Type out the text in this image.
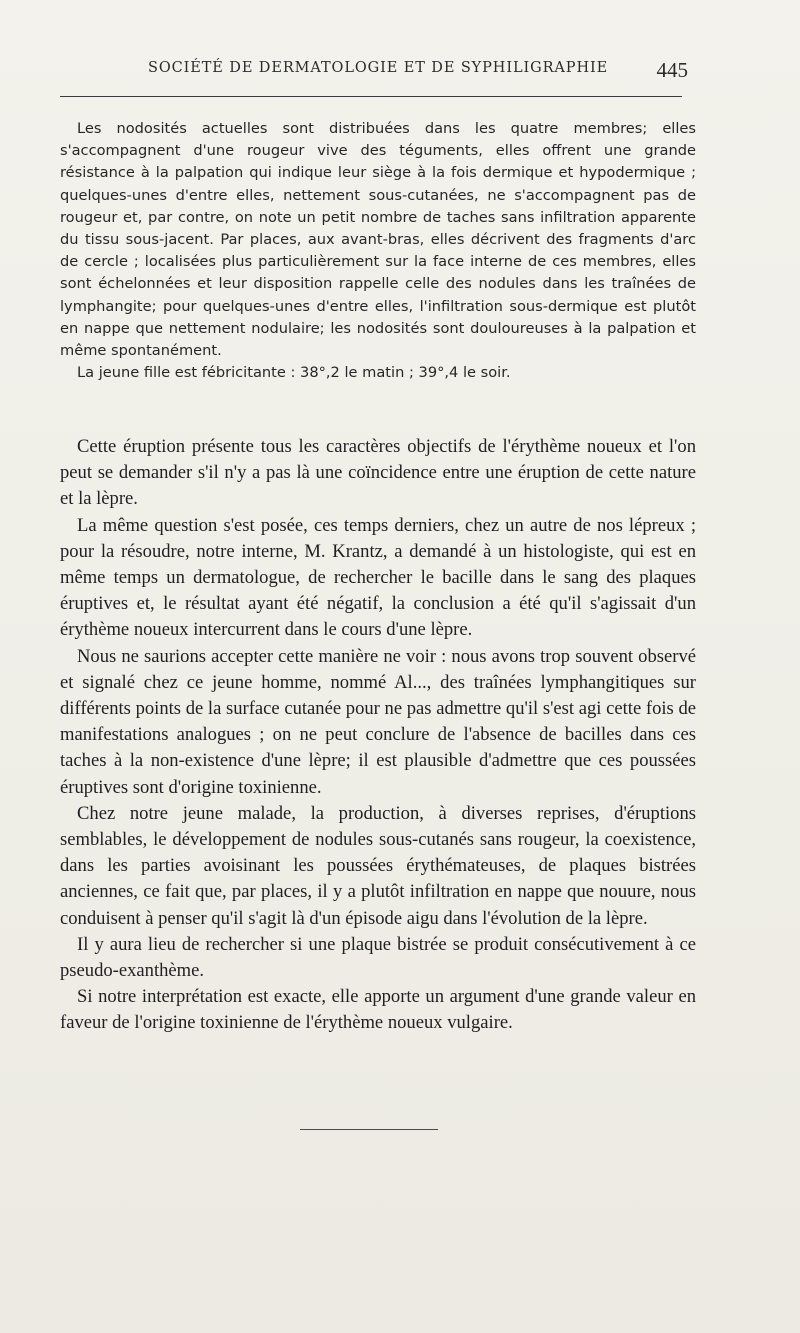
SOCIÉTÉ DE DERMATOLOGIE ET DE SYPHILIGRAPHIE 445

Les nodosités actuelles sont distribuées dans les quatre membres; elles s'accompagnent d'une rougeur vive des téguments, elles offrent une grande résistance à la palpation qui indique leur siège à la fois dermique et hypodermique ; quelques-unes d'entre elles, nettement sous-cutanées, ne s'accompagnent pas de rougeur et, par contre, on note un petit nombre de taches sans infiltration apparente du tissu sous-jacent. Par places, aux avant-bras, elles décrivent des fragments d'arc de cercle ; localisées plus particulièrement sur la face interne de ces membres, elles sont échelonnées et leur disposition rappelle celle des nodules dans les traînées de lymphangite; pour quelques-unes d'entre elles, l'infiltration sous-dermique est plutôt en nappe que nettement nodulaire; les nodosités sont douloureuses à la palpation et même spontanément.

La jeune fille est fébricitante : 38°,2 le matin ; 39°,4 le soir.

Cette éruption présente tous les caractères objectifs de l'érythème noueux et l'on peut se demander s'il n'y a pas là une coïncidence entre une éruption de cette nature et la lèpre.

La même question s'est posée, ces temps derniers, chez un autre de nos lépreux ; pour la résoudre, notre interne, M. Krantz, a demandé à un histologiste, qui est en même temps un dermatologue, de rechercher le bacille dans le sang des plaques éruptives et, le résultat ayant été négatif, la conclusion a été qu'il s'agissait d'un érythème noueux intercurrent dans le cours d'une lèpre.

Nous ne saurions accepter cette manière ne voir : nous avons trop souvent observé et signalé chez ce jeune homme, nommé Al..., des traînées lymphangitiques sur différents points de la surface cutanée pour ne pas admettre qu'il s'est agi cette fois de manifestations analogues ; on ne peut conclure de l'absence de bacilles dans ces taches à la non-existence d'une lèpre; il est plausible d'admettre que ces poussées éruptives sont d'origine toxinienne.

Chez notre jeune malade, la production, à diverses reprises, d'éruptions semblables, le développement de nodules sous-cutanés sans rougeur, la coexistence, dans les parties avoisinant les poussées érythémateuses, de plaques bistrées anciennes, ce fait que, par places, il y a plutôt infiltration en nappe que nouure, nous conduisent à penser qu'il s'agit là d'un épisode aigu dans l'évolution de la lèpre.

Il y aura lieu de rechercher si une plaque bistrée se produit consécutivement à ce pseudo-exanthème.

Si notre interprétation est exacte, elle apporte un argument d'une grande valeur en faveur de l'origine toxinienne de l'érythème noueux vulgaire.
